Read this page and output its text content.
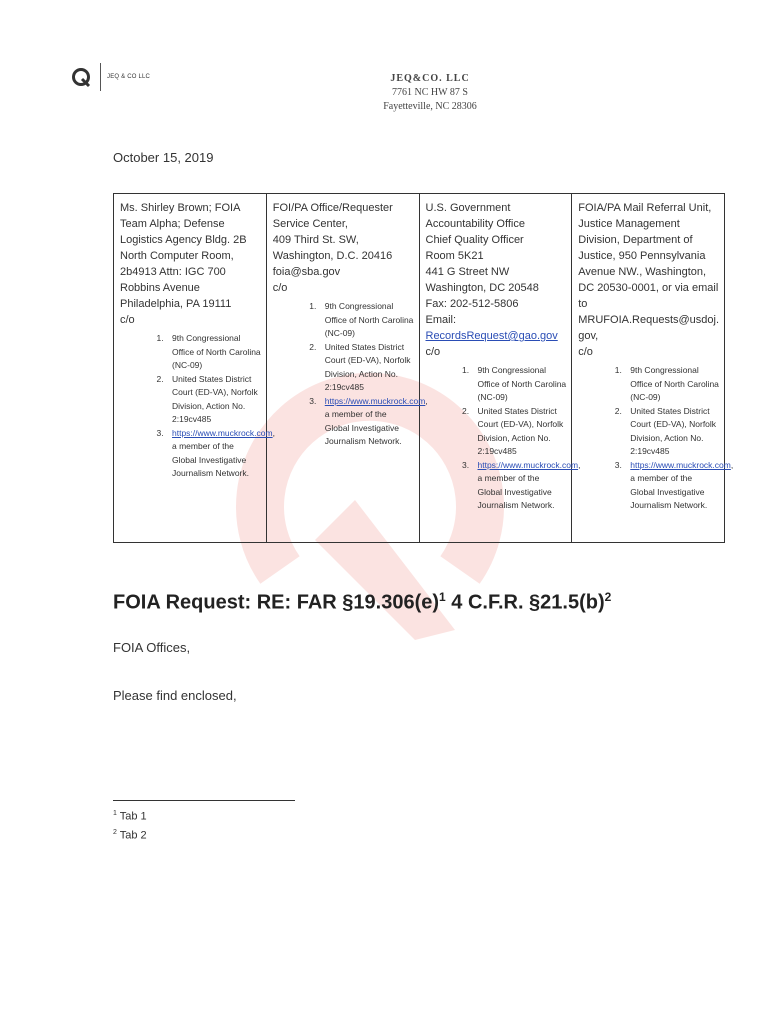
JEQ & CO LLC	JEQ&CO. LLC
7761 NC HW 87 S
Fayetteville, NC 28306
October 15, 2019
Ms. Shirley Brown; FOIA Team Alpha; Defense Logistics Agency Bldg. 2B North Computer Room, 2b4913 Attn: IGC 700 Robbins Avenue Philadelphia, PA 19111
c/o
1. 9th Congressional Office of North Carolina (NC-09)
2. United States District Court (ED-VA), Norfolk Division, Action No. 2:19cv485
3. https://www.muckrock.com, a member of the Global Investigative Journalism Network.

FOI/PA Office/Requester Service Center,
409 Third St. SW,
Washington, D.C. 20416
foia@sba.gov
c/o
1. 9th Congressional Office of North Carolina (NC-09)
2. United States District Court (ED-VA), Norfolk Division, Action No. 2:19cv485
3. https://www.muckrock.com, a member of the Global Investigative Journalism Network.

U.S. Government Accountability Office
Chief Quality Officer
Room 5K21
441 G Street NW
Washington, DC 20548
Fax: 202-512-5806
Email: RecordsRequest@gao.gov
c/o
1. 9th Congressional Office of North Carolina (NC-09)
2. United States District Court (ED-VA), Norfolk Division, Action No. 2:19cv485
3. https://www.muckrock.com, a member of the Global Investigative Journalism Network.

FOIA/PA Mail Referral Unit, Justice Management Division, Department of Justice, 950 Pennsylvania Avenue NW., Washington, DC 20530-0001, or via email to MRUFOIA.Requests@usdoj.gov,
c/o
1. 9th Congressional Office of North Carolina (NC-09)
2. United States District Court (ED-VA), Norfolk Division, Action No. 2:19cv485
3. https://www.muckrock.com, a member of the Global Investigative Journalism Network.
FOIA Request: RE: FAR $\S 19.306(e)^1$ 4 C.F.R. $\S 21.5(b)^2$
FOIA Offices,
Please find enclosed,
$^1$ Tab 1
$^2$ Tab 2
